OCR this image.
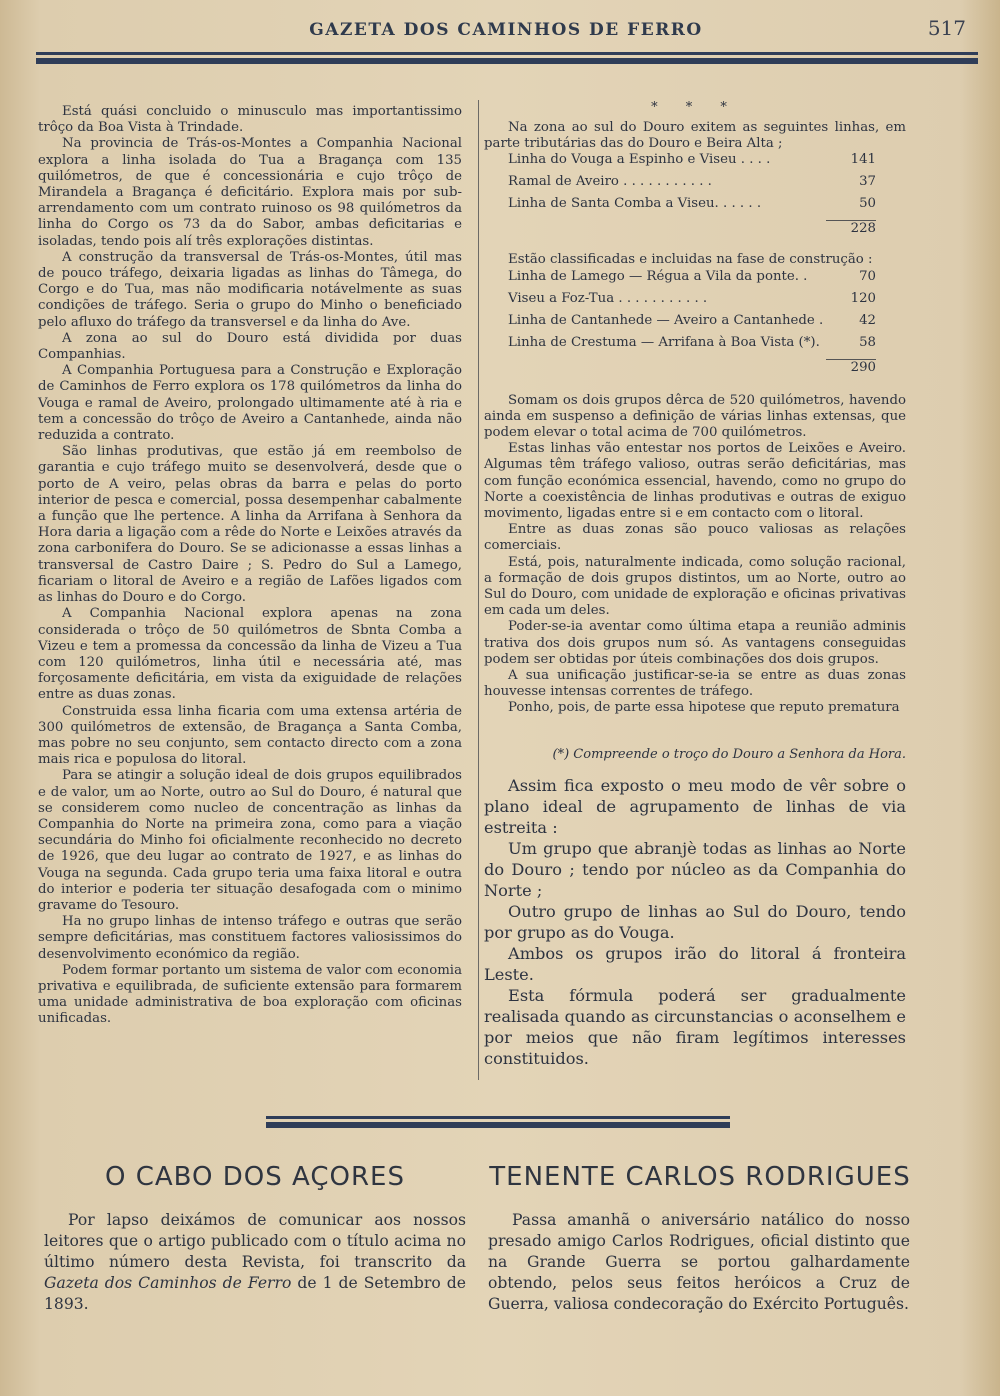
GAZETA DOS CAMINHOS DE FERRO	517

Está quási concluido o minusculo mas importantissimo trôço da Boa Vista à Trindade.

Na provincia de Trás-os-Montes a Companhia Nacional explora a linha isolada do Tua a Bragança com 135 quilómetros, de que é concessionária e cujo trôço de Mirandela a Bragança é deficitário. Explora mais por sub-arrendamento com um contrato ruinoso os 98 quilómetros da linha do Corgo os 73 da do Sabor, ambas deficitarias e isoladas, tendo pois alí três explorações distintas.

A construção da transversal de Trás-os-Montes, útil mas de pouco tráfego, deixaria ligadas as linhas do Tâmega, do Corgo e do Tua, mas não modificaria notávelmente as suas condições de tráfego. Seria o grupo do Minho o beneficiado pelo afluxo do tráfego da transversel e da linha do Ave.

A zona ao sul do Douro está dividida por duas Companhias.

A Companhia Portuguesa para a Construção e Exploração de Caminhos de Ferro explora os 178 quilómetros da linha do Vouga e ramal de Aveiro, prolongado ultimamente até à ria e tem a concessão do trôço de Aveiro a Cantanhede, ainda não reduzida a contrato.

São linhas produtivas, que estão já em reembolso de garantia e cujo tráfego muito se desenvolverá, desde que o porto de A veiro, pelas obras da barra e pelas do porto interior de pesca e comercial, possa desempenhar cabalmente a função que lhe pertence. A linha da Arrifana à Senhora da Hora daria a ligação com a rêde do Norte e Leixões através da zona carbonifera do Douro. Se se adicionasse a essas linhas a transversal de Castro Daire ; S. Pedro do Sul a Lamego, ficariam o litoral de Aveiro e a região de Lafões ligados com as linhas do Douro e do Corgo.

A Companhia Nacional explora apenas na zona considerada o trôço de 50 quilómetros de Sbnta Comba a Vizeu e tem a promessa da concessão da linha de Vizeu a Tua com 120 quilómetros, linha útil e necessária até, mas forçosamente deficitária, em vista da exiguidade de relações entre as duas zonas.

Construida essa linha ficaria com uma extensa artéria de 300 quilómetros de extensão, de Bragança a Santa Comba, mas pobre no seu conjunto, sem contacto directo com a zona mais rica e populosa do litoral.

Para se atingir a solução ideal de dois grupos equilibrados e de valor, um ao Norte, outro ao Sul do Douro, é natural que se considerem como nucleo de concentração as linhas da Companhia do Norte na primeira zona, como para a viação secundária do Minho foi oficialmente reconhecido no decreto de 1926, que deu lugar ao contrato de 1927, e as linhas do Vouga na segunda. Cada grupo teria uma faixa litoral e outra do interior e poderia ter situação desafogada com o minimo gravame do Tesouro.

Ha no grupo linhas de intenso tráfego e outras que serão sempre deficitárias, mas constituem factores valiosissimos do desenvolvimento económico da região.

Podem formar portanto um sistema de valor com economia privativa e equilibrada, de suficiente extensão para formarem uma unidade administrativa de boa exploração com oficinas unificadas.

* * *

Na zona ao sul do Douro exitem as seguintes linhas, em parte tributárias das do Douro e Beira Alta ;

Linha do Vouga a Espinho e Viseu . . . .	141
Ramal de Aveiro . . . . . . . . . . .	37
Linha de Santa Comba a Viseu. . . . . .	50
228

Estão classificadas e incluidas na fase de construção :

Linha de Lamego — Régua a Vila da ponte. .	70
Viseu a Foz-Tua . . . . . . . . . . .	120
Linha de Cantanhede — Aveiro a Cantanhede .	42
Linha de Crestuma — Arrifana à Boa Vista (*).	58
290

Somam os dois grupos dêrca de 520 quilómetros, havendo ainda em suspenso a definição de várias linhas extensas, que podem elevar o total acima de 700 quilómetros.

Estas linhas vão entestar nos portos de Leixões e Aveiro. Algumas têm tráfego valioso, outras serão deficitárias, mas com função económica essencial, havendo, como no grupo do Norte a coexistência de linhas produtivas e outras de exiguo movimento, ligadas entre si e em contacto com o litoral.

Entre as duas zonas são pouco valiosas as relações comerciais.

Está, pois, naturalmente indicada, como solução racional, a formação de dois grupos distintos, um ao Norte, outro ao Sul do Douro, com unidade de exploração e oficinas privativas em cada um deles.

Poder-se-ia aventar como última etapa a reunião adminis trativa dos dois grupos num só. As vantagens conseguidas podem ser obtidas por úteis combinações dos dois grupos.

A sua unificação justificar-se-ia se entre as duas zonas houvesse intensas correntes de tráfego.

Ponho, pois, de parte essa hipotese que reputo prematura

(*) Compreende o troço do Douro a Senhora da Hora.

Assim fica exposto o meu modo de vêr sobre o plano ideal de agrupamento de linhas de via estreita :

Um grupo que abranjè todas as linhas ao Norte do Douro ; tendo por núcleo as da Companhia do Norte ;

Outro grupo de linhas ao Sul do Douro, tendo por grupo as do Vouga.

Ambos os grupos irão do litoral á fronteira Leste.

Esta fórmula poderá ser gradualmente realisada quando as circunstancias o aconselhem e por meios que não firam legítimos interesses constituidos.

O CABO DOS AÇORES

Por lapso deixámos de comunicar aos nossos leitores que o artigo publicado com o título acima no último número desta Revista, foi transcrito da Gazeta dos Caminhos de Ferro de 1 de Setembro de 1893.

TENENTE CARLOS RODRIGUES

Passa amanhã o aniversário natálico do nosso presado amigo Carlos Rodrigues, oficial distinto que na Grande Guerra se portou galhardamente obtendo, pelos seus feitos heróicos a Cruz de Guerra, valiosa condecoração do Exército Português.
